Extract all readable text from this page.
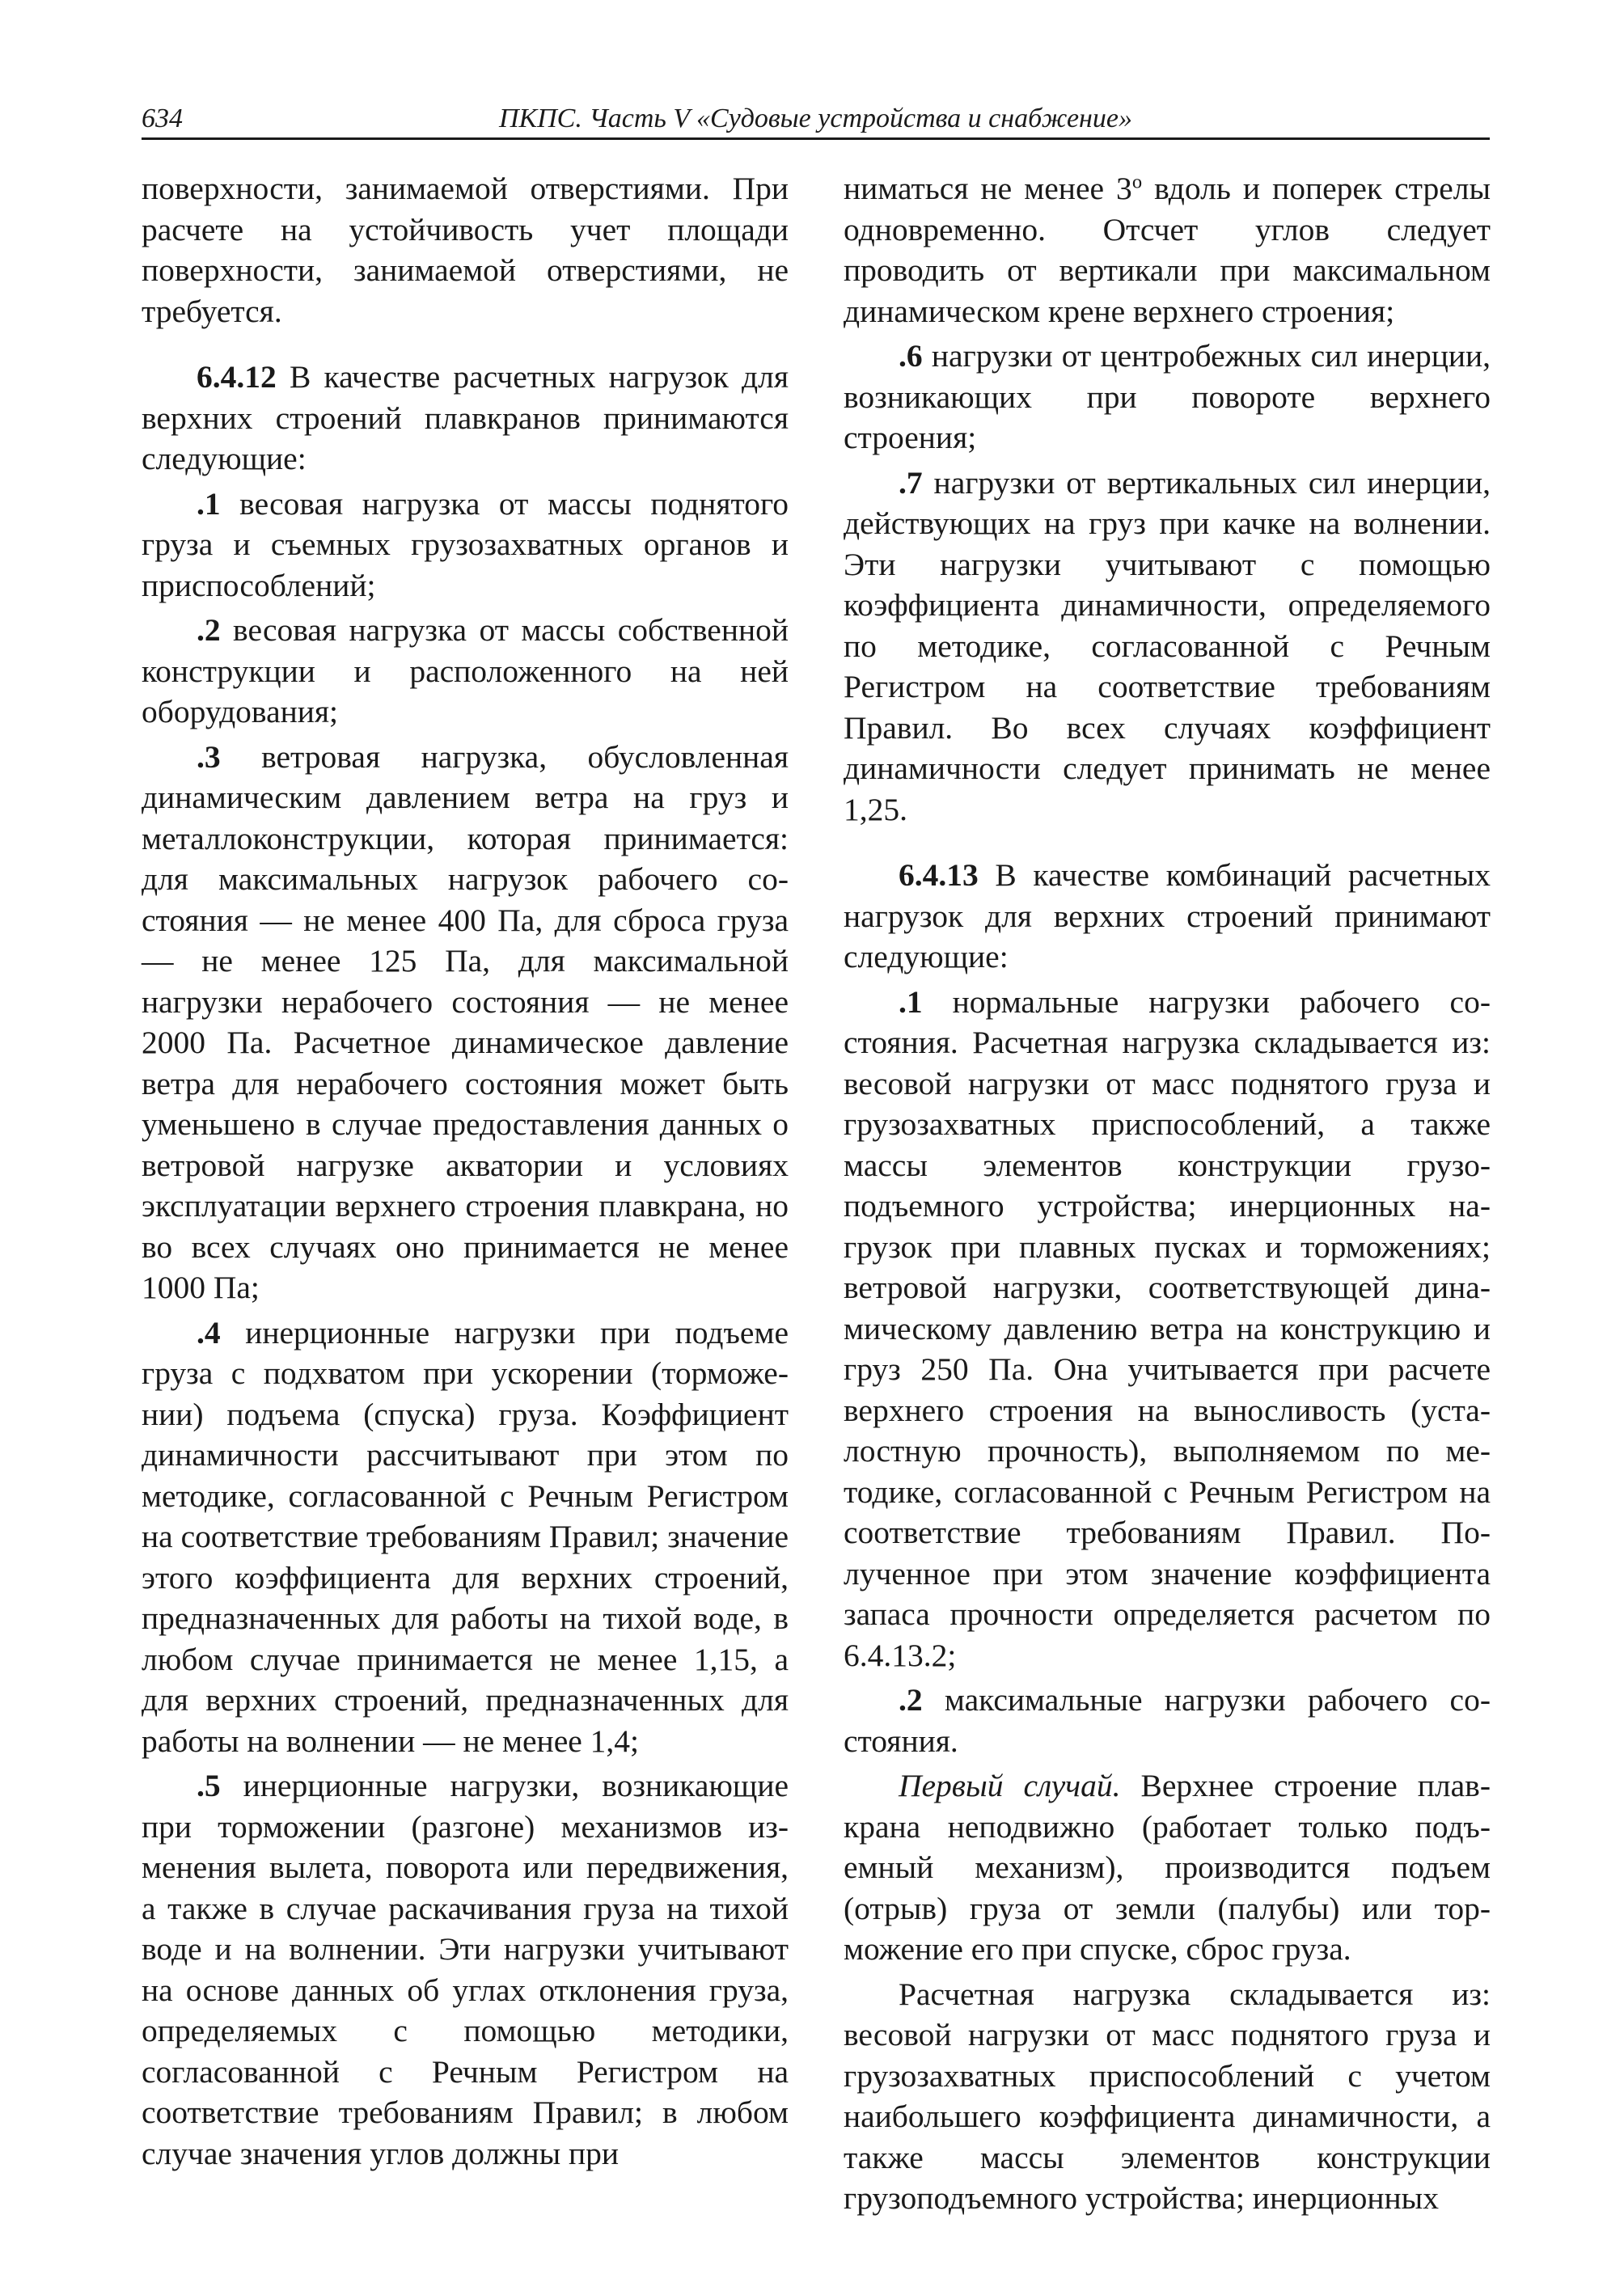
634	ПКПС. Часть V «Судовые устройства и снабжение»

поверхности, занимаемой отверстиями. При расчете на устойчивость учет площади поверхности, занимаемой отверстиями, не требуется.

6.4.12 В качестве расчетных нагрузок для верхних строений плавкранов принимаются следующие:

.1 весовая нагрузка от массы поднятого груза и съемных грузозахватных органов и приспособлений;

.2 весовая нагрузка от массы собственной конструкции и расположенного на ней оборудования;

.3 ветровая нагрузка, обусловленная динамическим давлением ветра на груз и металлоконструкции, которая принимается: для максимальных нагрузок рабочего состояния — не менее 400 Па, для сброса груза — не менее 125 Па, для максимальной нагрузки нерабочего состояния — не менее 2000 Па. Расчетное динамическое давление ветра для нерабочего состояния может быть уменьшено в случае предоставления данных о ветровой нагрузке акватории и условиях эксплуатации верхнего строения плавкрана, но во всех случаях оно принимается не менее 1000 Па;

.4 инерционные нагрузки при подъеме груза с подхватом при ускорении (торможении) подъема (спуска) груза. Коэффициент динамичности рассчитывают при этом по методике, согласованной с Речным Регистром на соответствие требованиям Правил; значение этого коэффициента для верхних строений, предназначенных для работы на тихой воде, в любом случае принимается не менее 1,15, а для верхних строений, предназначенных для работы на волнении — не менее 1,4;

.5 инерционные нагрузки, возникающие при торможении (разгоне) механизмов изменения вылета, поворота или передвижения, а также в случае раскачивания груза на тихой воде и на волнении. Эти нагрузки учитывают на основе данных об углах отклонения груза, определяемых с помощью методики, согласованной с Речным Регистром на соответствие требованиям Правил; в любом случае значения углов должны при

ниматься не менее 3$^o$ вдоль и поперек стрелы одновременно. Отсчет углов следует проводить от вертикали при максимальном динамическом крене верхнего строения;

.6 нагрузки от центробежных сил инерции, возникающих при повороте верхнего строения;

.7 нагрузки от вертикальных сил инерции, действующих на груз при качке на волнении. Эти нагрузки учитывают с помощью коэффициента динамичности, определяемого по методике, согласованной с Речным Регистром на соответствие требованиям Правил. Во всех случаях коэффициент динамичности следует принимать не менее 1,25.

6.4.13 В качестве комбинаций расчетных нагрузок для верхних строений принимают следующие:

.1 нормальные нагрузки рабочего состояния. Расчетная нагрузка складывается из: весовой нагрузки от масс поднятого груза и грузозахватных приспособлений, а также массы элементов конструкции грузоподъемного устройства; инерционных нагрузок при плавных пусках и торможениях; ветровой нагрузки, соответствующей динамическому давлению ветра на конструкцию и груз 250 Па. Она учитывается при расчете верхнего строения на выносливость (усталостную прочность), выполняемом по методике, согласованной с Речным Регистром на соответствие требованиям Правил. Полученное при этом значение коэффициента запаса прочности определяется расчетом по 6.4.13.2;

.2 максимальные нагрузки рабочего состояния.

Первый случай. Верхнее строение плавкрана неподвижно (работает только подъемный механизм), производится подъем (отрыв) груза от земли (палубы) или торможение его при спуске, сброс груза.

Расчетная нагрузка складывается из: весовой нагрузки от масс поднятого груза и грузозахватных приспособлений с учетом наибольшего коэффициента динамичности, а также массы элементов конструкции грузоподъемного устройства; инерционных
